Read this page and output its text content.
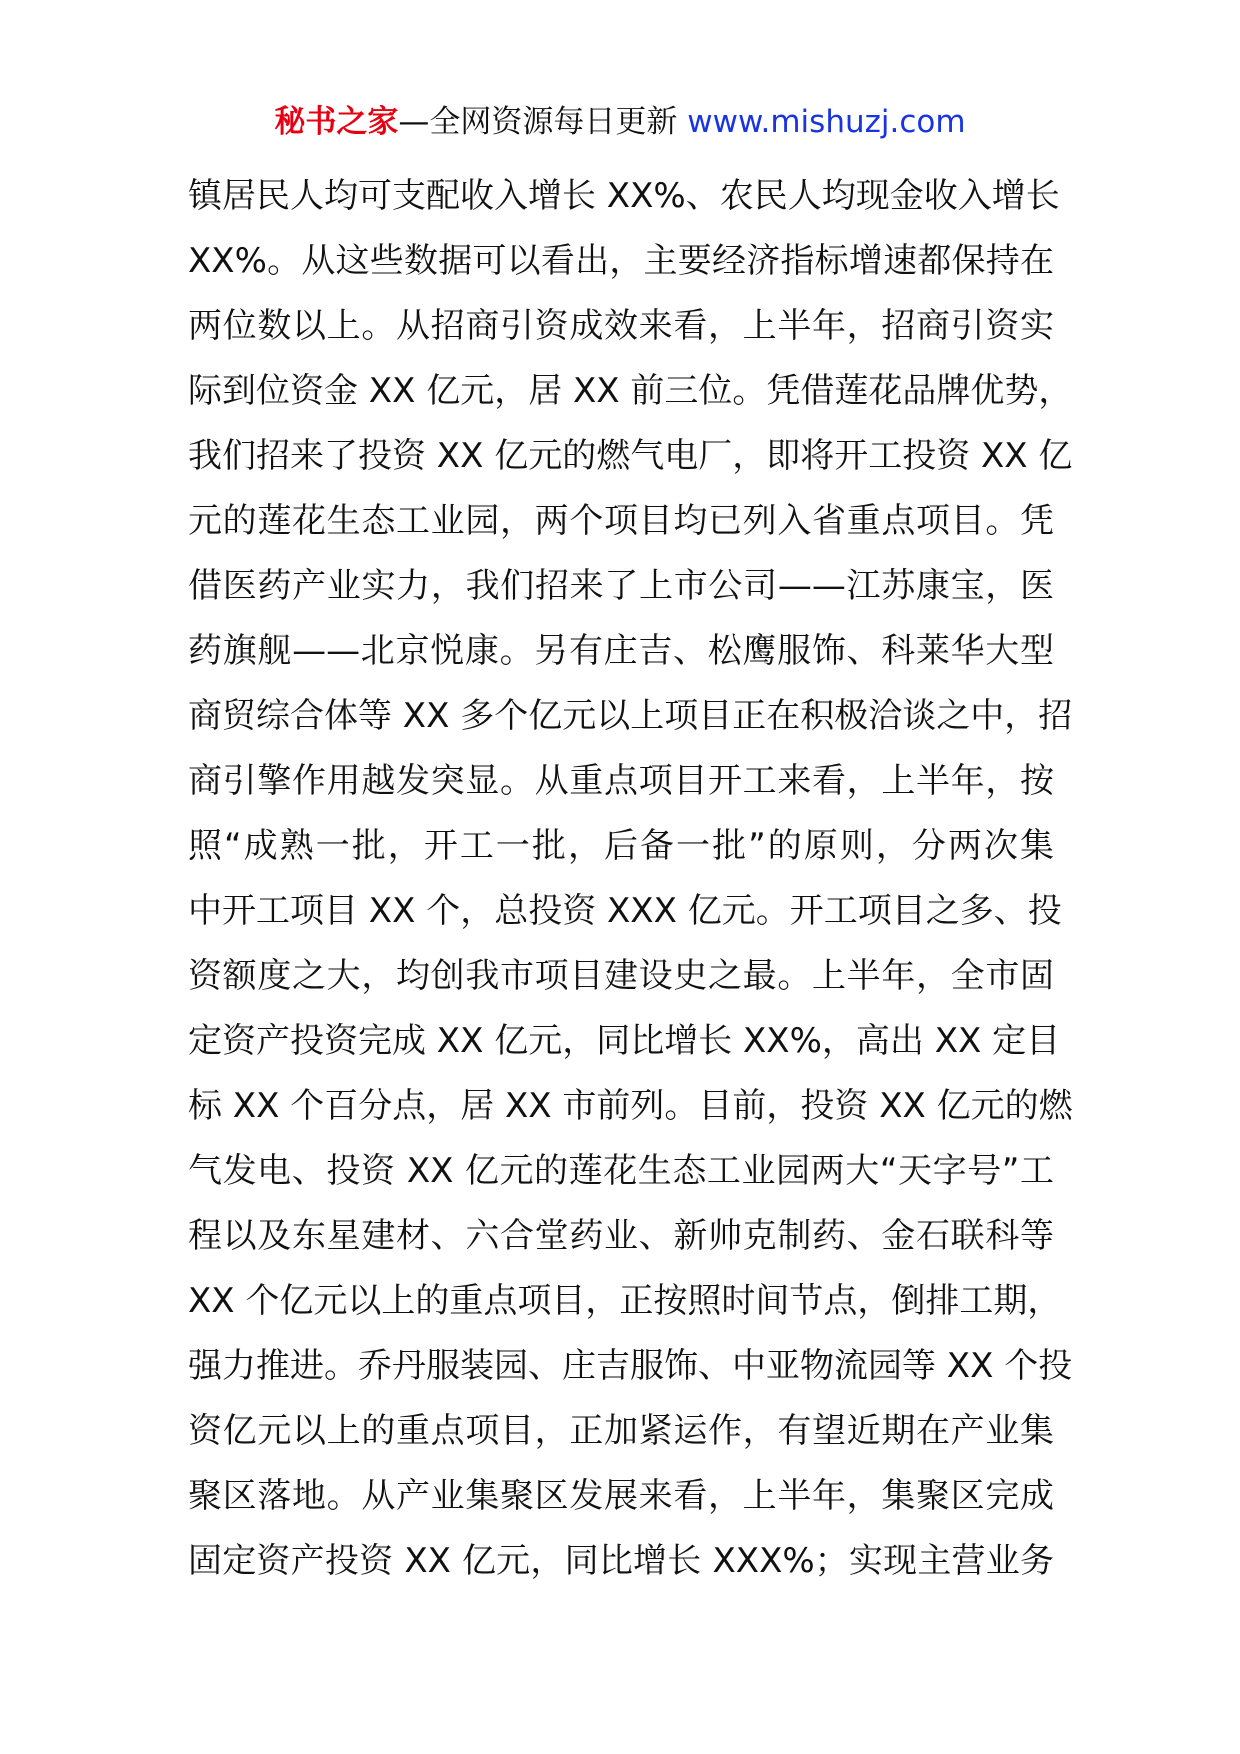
秘书之家—全网资源每日更新 www.mishuzj.com
镇居民人均可支配收入增长 XX%、农民人均现金收入增长
XX%。从这些数据可以看出，主要经济指标增速都保持在
两位数以上。从招商引资成效来看，上半年，招商引资实
际到位资金 XX 亿元，居 XX 前三位。凭借莲花品牌优势，
我们招来了投资 XX 亿元的燃气电厂，即将开工投资 XX 亿
元的莲花生态工业园，两个项目均已列入省重点项目。凭
借医药产业实力，我们招来了上市公司——江苏康宝，医
药旗舰——北京悦康。另有庄吉、松鹰服饰、科莱华大型
商贸综合体等 XX 多个亿元以上项目正在积极洽谈之中，招
商引擎作用越发突显。从重点项目开工来看，上半年，按
照“成熟一批，开工一批，后备一批”的原则，分两次集
中开工项目 XX 个，总投资 XXX 亿元。开工项目之多、投
资额度之大，均创我市项目建设史之最。上半年，全市固
定资产投资完成 XX 亿元，同比增长 XX%，高出 XX 定目
标 XX 个百分点，居 XX 市前列。目前，投资 XX 亿元的燃
气发电、投资 XX 亿元的莲花生态工业园两大“天字号”工
程以及东星建材、六合堂药业、新帅克制药、金石联科等
XX 个亿元以上的重点项目，正按照时间节点，倒排工期，
强力推进。乔丹服装园、庄吉服饰、中亚物流园等 XX 个投
资亿元以上的重点项目，正加紧运作，有望近期在产业集
聚区落地。从产业集聚区发展来看，上半年，集聚区完成
固定资产投资 XX 亿元，同比增长 XXX%；实现主营业务
